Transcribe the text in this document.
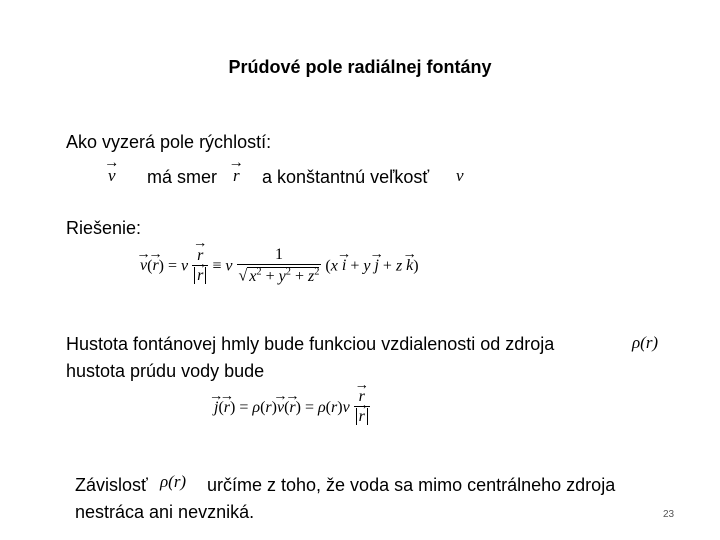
Prúdové pole radiálnej fontány
Ako vyzerá pole rýchlostí:
→ v má smer → r a konštantnú veľkosť v
Riešenie:
→ v(→ r) = v → r
→ r ≡ v $\frac{1}{√ x^2 + y^2 + z^2} (x \to i + y \to j + z \to k)$
Hustota fontánovej hmly bude funkciou vzdialenosti od zdroja	ρ(r)
hustota prúdu vody bude
→ j(→ r) = ρ(r)→ v(→ r) = ρ(r)v → r
→ r
Závislosť ρ(r) určíme z toho, že voda sa mimo centrálneho zdroja
nestráca ani nevzniká.	23
